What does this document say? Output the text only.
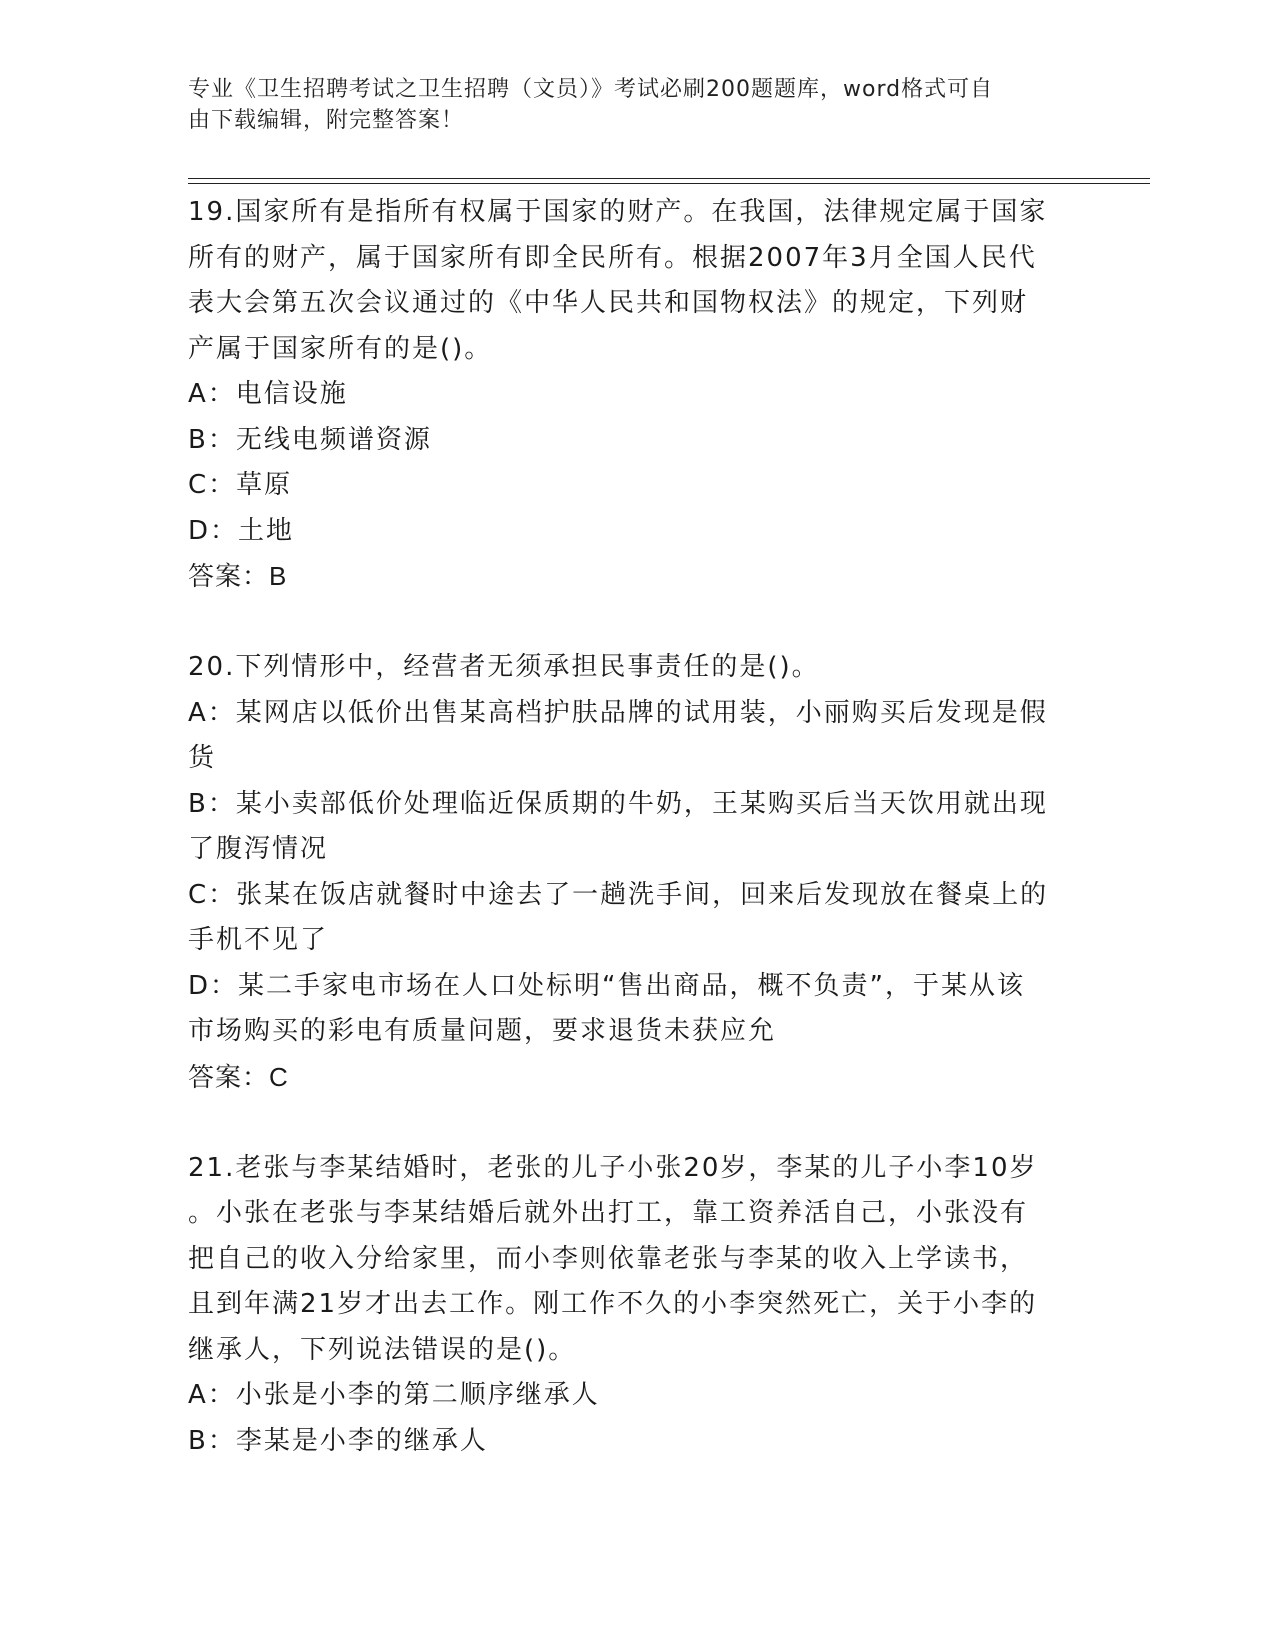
专业《卫生招聘考试之卫生招聘（文员）》考试必刷200题题库，word格式可自
由下载编辑，附完整答案！
19.国家所有是指所有权属于国家的财产。在我国，法律规定属于国家
所有的财产，属于国家所有即全民所有。根据2007年3月全国人民代
表大会第五次会议通过的《中华人民共和国物权法》的规定，下列财
产属于国家所有的是()。
A：电信设施
B：无线电频谱资源
C：草原
D：土地
答案：B
20.下列情形中，经营者无须承担民事责任的是()。
A：某网店以低价出售某高档护肤品牌的试用装，小丽购买后发现是假
货
B：某小卖部低价处理临近保质期的牛奶，王某购买后当天饮用就出现
了腹泻情况
C：张某在饭店就餐时中途去了一趟洗手间，回来后发现放在餐桌上的
手机不见了
D：某二手家电市场在人口处标明“售出商品，概不负责”，于某从该
市场购买的彩电有质量问题，要求退货未获应允
答案：C
21.老张与李某结婚时，老张的儿子小张20岁，李某的儿子小李10岁
。小张在老张与李某结婚后就外出打工，靠工资养活自己，小张没有
把自己的收入分给家里，而小李则依靠老张与李某的收入上学读书，
且到年满21岁才出去工作。刚工作不久的小李突然死亡，关于小李的
继承人，下列说法错误的是()。
A：小张是小李的第二顺序继承人
B：李某是小李的继承人
